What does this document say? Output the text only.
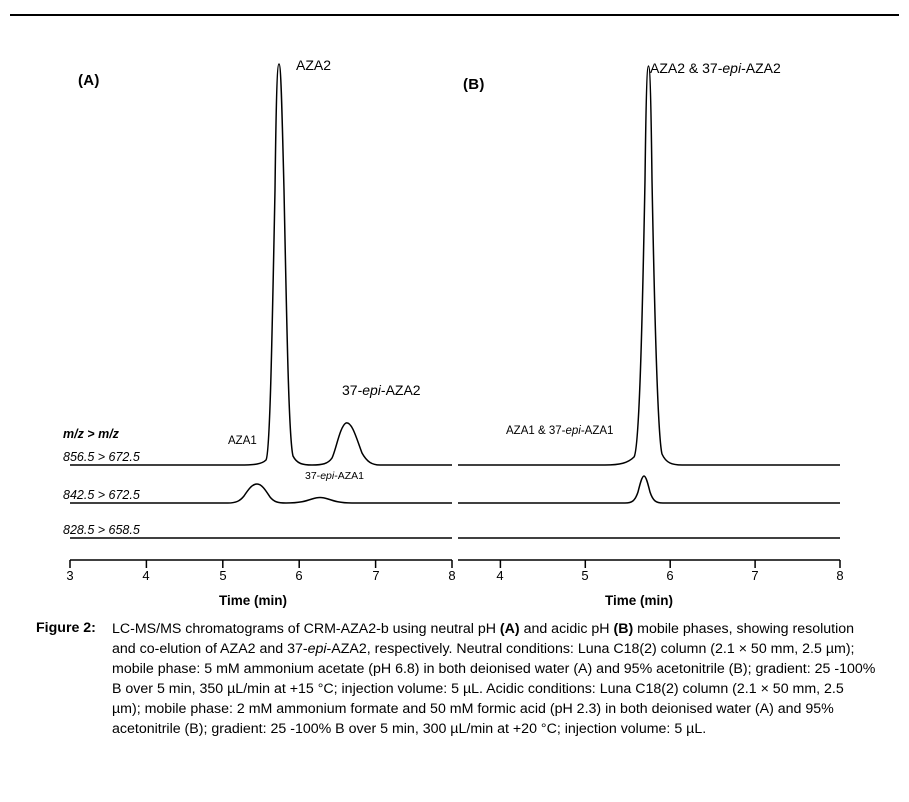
(A)
AZA2
37-epi-AZA2
AZA1
37-epi-AZA1
m/z > m/z
856.5 > 672.5
842.5 > 672.5
828.5 > 658.5
3	4	5	6	7	8
Time (min)
(B)
AZA2 & 37-epi-AZA2
AZA1 & 37-epi-AZA1
4	5	6	7	8
Time (min)
Figure 2: LC-MS/MS chromatograms of CRM-AZA2-b using neutral pH (A) and acidic pH (B) mobile phases, showing resolution and co-elution of AZA2 and 37-epi-AZA2, respectively. Neutral conditions: Luna C18(2) column (2.1 × 50 mm, 2.5 µm); mobile phase: 5 mM ammonium acetate (pH 6.8) in both deionised water (A) and 95% acetonitrile (B); gradient: 25 -100% B over 5 min, 350 µL/min at +15 °C; injection volume: 5 µL. Acidic conditions: Luna C18(2) column (2.1 × 50 mm, 2.5 µm); mobile phase: 2 mM ammonium formate and 50 mM formic acid (pH 2.3) in both deionised water (A) and 95% acetonitrile (B); gradient: 25 -100% B over 5 min, 300 µL/min at +20 °C; injection volume: 5 µL.
